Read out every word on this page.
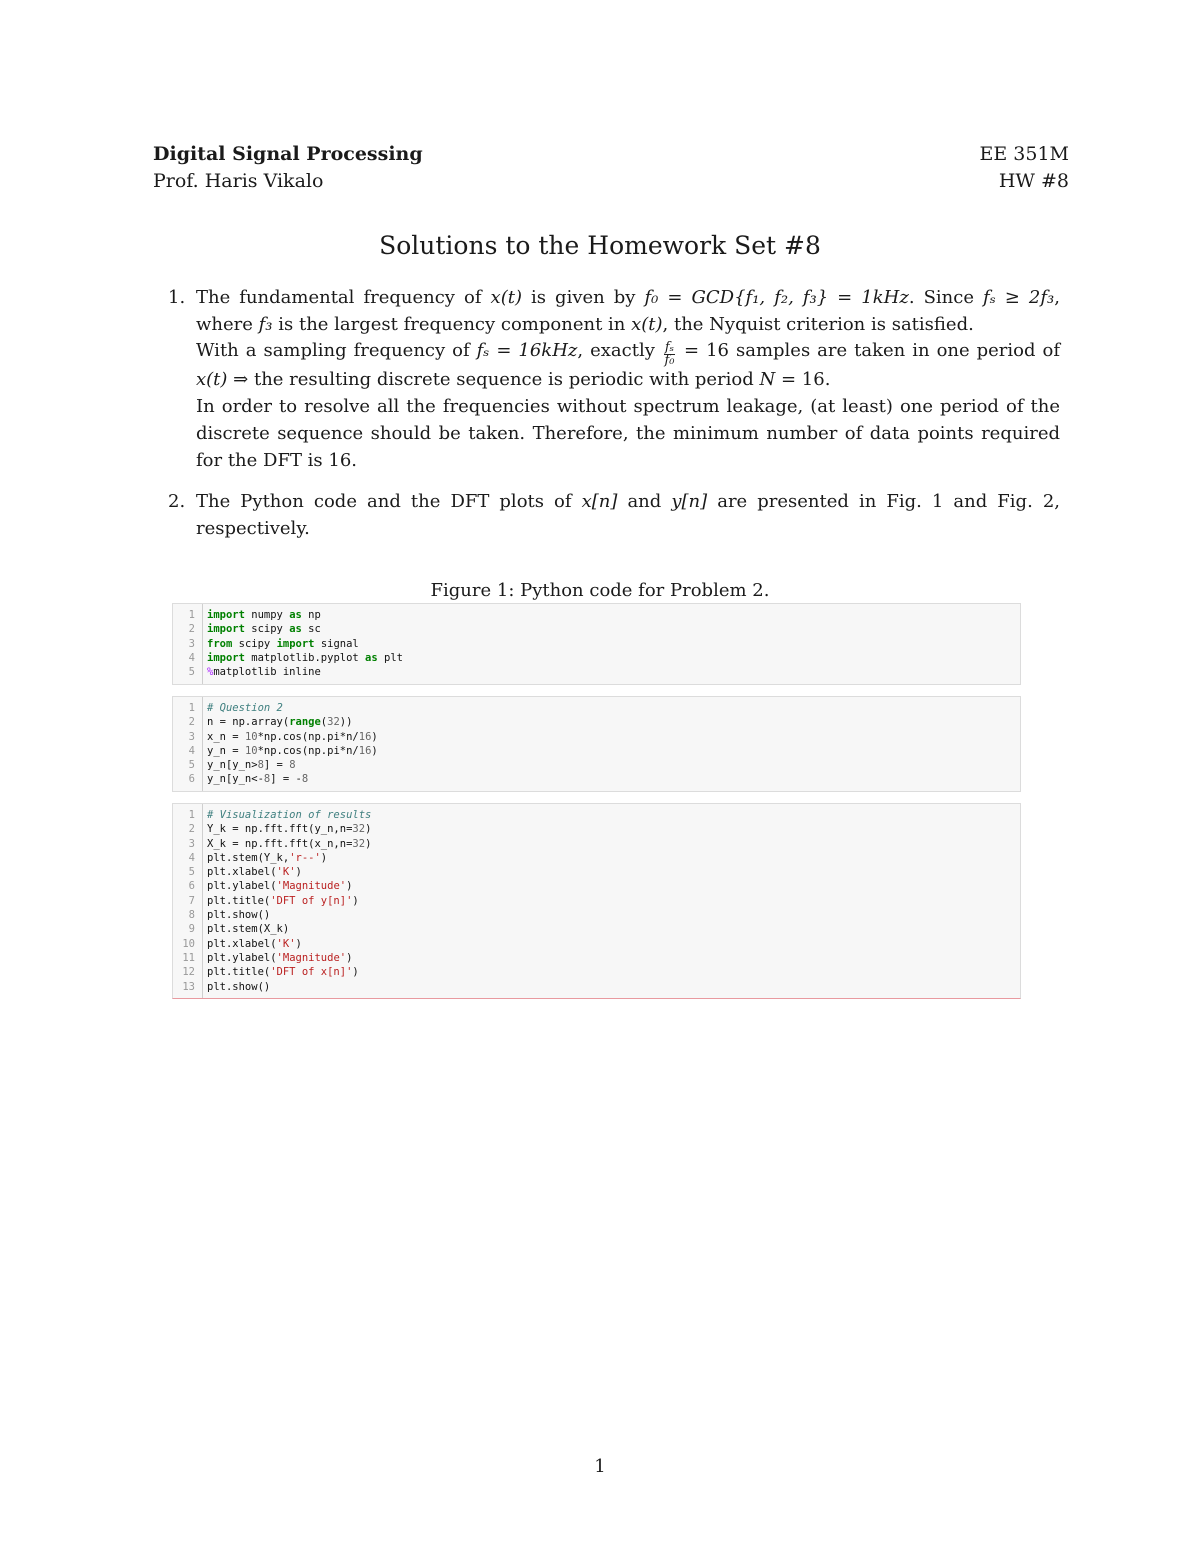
Digital Signal Processing
Prof. Haris Vikalo
EE 351M
HW #8
Solutions to the Homework Set #8
1. The fundamental frequency of x(t) is given by f₀ = GCD{f₁, f₂, f₃} = 1kHz. Since fₛ ≥ 2f₃, where f₃ is the largest frequency component in x(t), the Nyquist criterion is satisfied.

With a sampling frequency of fₛ = 16kHz, exactly $\frac{\text{fₛ}}{\text{f₀}} = 16$ samples are taken in one period of x(t) ⇒ the resulting discrete sequence is periodic with period N = 16.

In order to resolve all the frequencies without spectrum leakage, (at least) one period of the discrete sequence should be taken. Therefore, the minimum number of data points required for the DFT is 16.

2. The Python code and the DFT plots of x[n] and y[n] are presented in Fig. 1 and Fig. 2, respectively.

Figure 1: Python code for Problem 2.
1 import numpy as np
2 import scipy as sc
3 from scipy import signal
4 import matplotlib.pyplot as plt
5 %matplotlib inline
1 # Question 2
2 n = np.array(range(32))
3 x_n = 10*np.cos(np.pi*n/16)
4 y_n = 10*np.cos(np.pi*n/16)
5 y_n[y_n>8] = 8
6 y_n[y_n<-8] = -8
1 # Visualization of results
2 Y_k = np.fft.fft(y_n,n=32)
3 X_k = np.fft.fft(x_n,n=32)
4 plt.stem(Y_k,'r--')
5 plt.xlabel('K')
6 plt.ylabel('Magnitude')
7 plt.title('DFT of y[n]')
8 plt.show()
9 plt.stem(X_k)
10 plt.xlabel('K')
11 plt.ylabel('Magnitude')
12 plt.title('DFT of x[n]')
13 plt.show()
1
